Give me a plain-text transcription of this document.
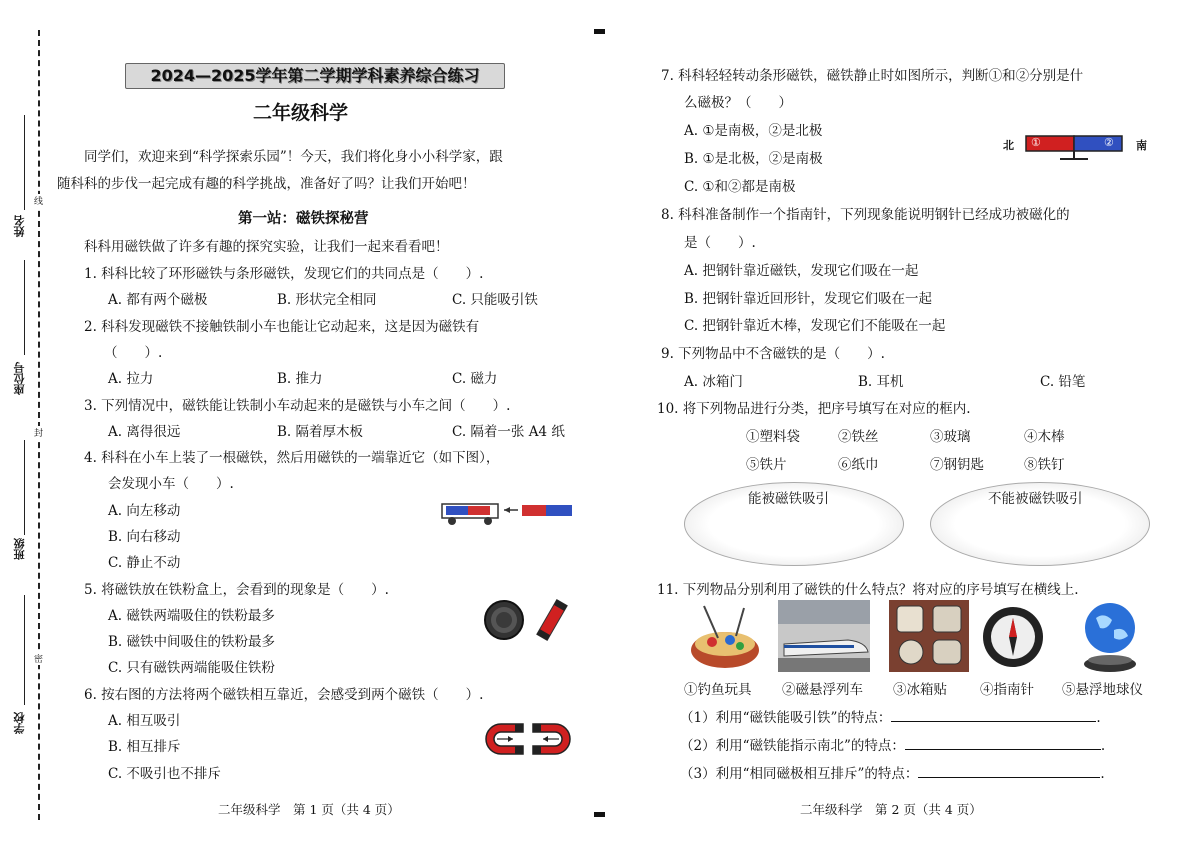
姓名
座位号
班级
学校
线
封
密
2024—2025学年第二学期学科素养综合练习
二年级科学
同学们，欢迎来到“科学探索乐园”！今天，我们将化身小小科学家，跟
随科科的步伐一起完成有趣的科学挑战，准备好了吗？让我们开始吧！
第一站：磁铁探秘营
科科用磁铁做了许多有趣的探究实验，让我们一起来看看吧！
1. 科科比较了环形磁铁与条形磁铁，发现它们的共同点是（　　）.
A. 都有两个磁极	B. 形状完全相同	C. 只能吸引铁
2. 科科发现磁铁不接触铁制小车也能让它动起来，这是因为磁铁有
（　　）.
A. 拉力	B. 推力	C. 磁力
3. 下列情况中，磁铁能让铁制小车动起来的是磁铁与小车之间（　　）.
A. 离得很远	B. 隔着厚木板	C. 隔着一张 A4 纸
4. 科科在小车上装了一根磁铁，然后用磁铁的一端靠近它（如下图），
会发现小车（　　）.
A. 向左移动
B. 向右移动
C. 静止不动
5. 将磁铁放在铁粉盒上，会看到的现象是（　　）.
A. 磁铁两端吸住的铁粉最多
B. 磁铁中间吸住的铁粉最多
C. 只有磁铁两端能吸住铁粉
6. 按右图的方法将两个磁铁相互靠近，会感受到两个磁铁（　　）.
A. 相互吸引
B. 相互排斥
C. 不吸引也不排斥
二年级科学　第 1 页（共 4 页）
7. 科科轻轻转动条形磁铁，磁铁静止时如图所示，判断①和②分别是什
么磁极？（　　）
A. ①是南极，②是北极
B. ①是北极，②是南极
C. ①和②都是南极
北	南
①	②
8. 科科准备制作一个指南针，下列现象能说明钢针已经成功被磁化的
是（　　）.
A. 把钢针靠近磁铁，发现它们吸在一起
B. 把钢针靠近回形针，发现它们吸在一起
C. 把钢针靠近木棒，发现它们不能吸在一起
9. 下列物品中不含磁铁的是（　　）.
A. 冰箱门	B. 耳机	C. 铅笔
10. 将下列物品进行分类，把序号填写在对应的框内.
①塑料袋	②铁丝	③玻璃	④木棒
⑤铁片	⑥纸巾	⑦钢钥匙	⑧铁钉
能被磁铁吸引	不能被磁铁吸引
11. 下列物品分别利用了磁铁的什么特点？将对应的序号填写在横线上.
①钓鱼玩具 ②磁悬浮列车 ③冰箱贴 ④指南针 ⑤悬浮地球仪
（1）利用“磁铁能吸引铁”的特点：	.
（2）利用“磁铁能指示南北”的特点：	.
（3）利用“相同磁极相互排斥”的特点：	.
二年级科学　第 2 页（共 4 页）
